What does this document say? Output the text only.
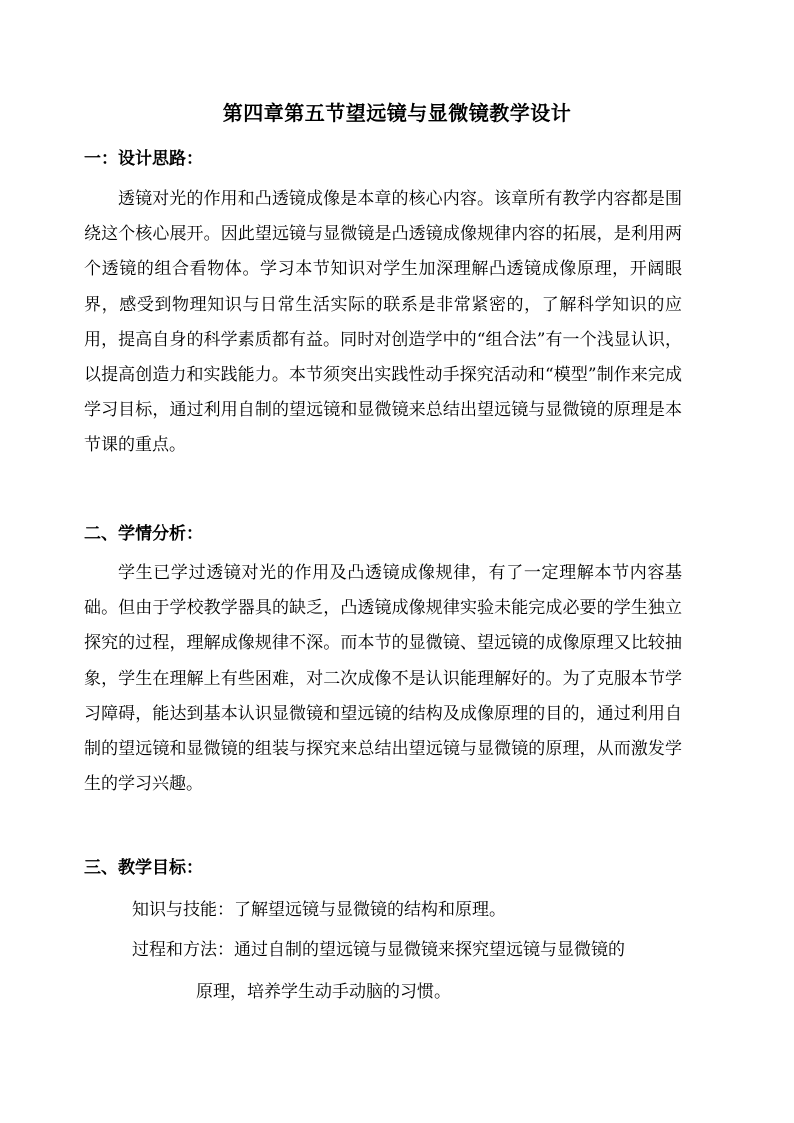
第四章第五节望远镜与显微镜教学设计
一：设计思路：
透镜对光的作用和凸透镜成像是本章的核心内容。该章所有教学内容都是围绕这个核心展开。因此望远镜与显微镜是凸透镜成像规律内容的拓展，是利用两个透镜的组合看物体。学习本节知识对学生加深理解凸透镜成像原理，开阔眼界，感受到物理知识与日常生活实际的联系是非常紧密的，了解科学知识的应用，提高自身的科学素质都有益。同时对创造学中的“组合法”有一个浅显认识，以提高创造力和实践能力。本节须突出实践性动手探究活动和“模型”制作来完成学习目标，通过利用自制的望远镜和显微镜来总结出望远镜与显微镜的原理是本节课的重点。
二、学情分析：
学生已学过透镜对光的作用及凸透镜成像规律，有了一定理解本节内容基础。但由于学校教学器具的缺乏，凸透镜成像规律实验未能完成必要的学生独立探究的过程，理解成像规律不深。而本节的显微镜、望远镜的成像原理又比较抽象，学生在理解上有些困难，对二次成像不是认识能理解好的。为了克服本节学习障碍，能达到基本认识显微镜和望远镜的结构及成像原理的目的，通过利用自制的望远镜和显微镜的组装与探究来总结出望远镜与显微镜的原理，从而激发学生的学习兴趣。
三、教学目标：
知识与技能：了解望远镜与显微镜的结构和原理。
过程和方法：通过自制的望远镜与显微镜来探究望远镜与显微镜的
原理，培养学生动手动脑的习惯。
